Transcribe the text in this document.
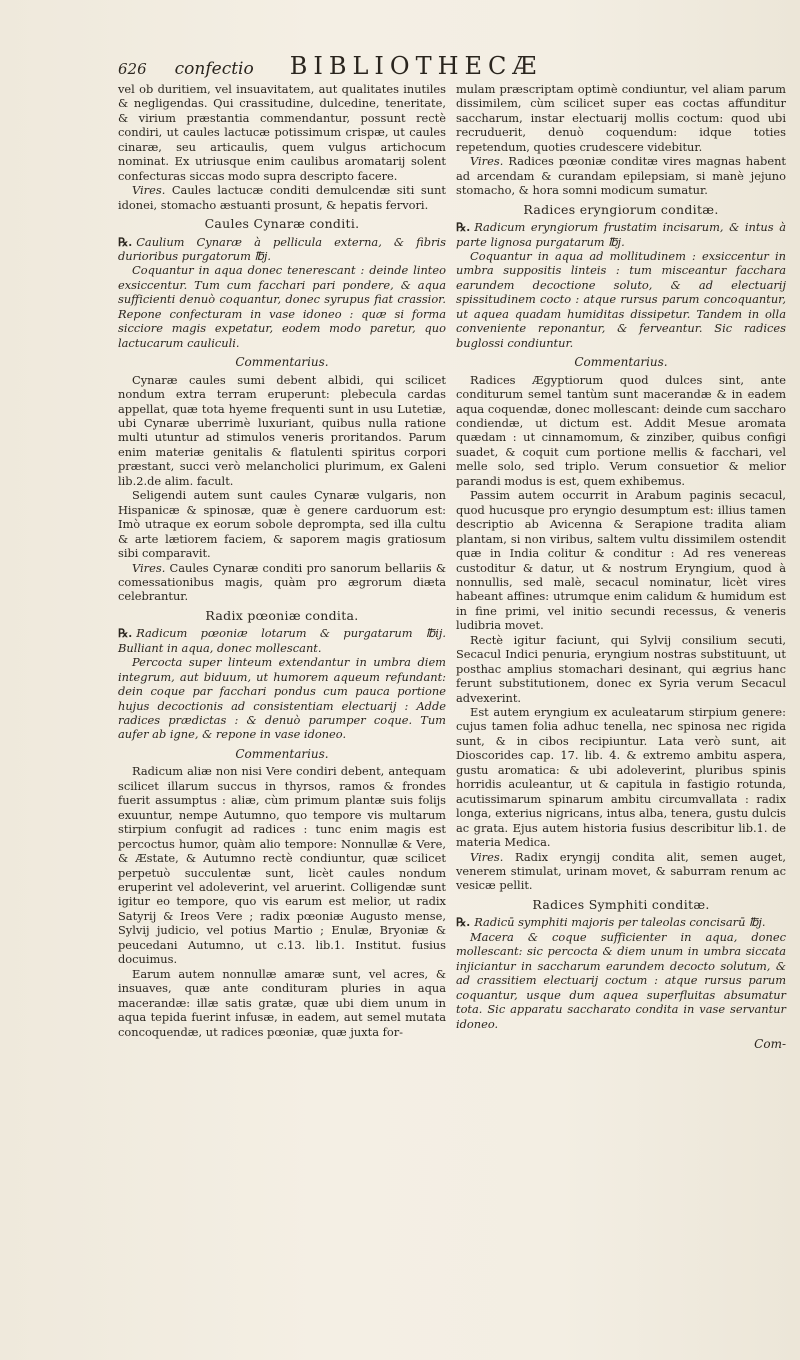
626 confectio BIBLIOTHECÆ

vel ob duritiem, vel insuavitatem, aut qualitates inutiles & negligendas. Qui crassitudine, dulcedine, teneritate, & virium præstantia commendantur, possunt rectè condiri, ut caules lactucæ potissimum crispæ, ut caules cinaræ, seu articaulis, quem vulgus artichocum nominat. Ex utriusque enim caulibus aromatarij solent confecturas siccas modo supra descripto facere.

Vires. Caules lactucæ conditi demulcendæ siti sunt idonei, stomacho æstuanti prosunt, & hepatis fervori.

Caules Cynaræ conditi.

℞. Caulium Cynaræ à pellicula externa, & fibris durioribus purgatorum ℔j.

Coquantur in aqua donec tenerescant : deinde linteo exsiccentur. Tum cum facchari pari pondere, & aqua sufficienti denuò coquantur, donec syrupus fiat crassior. Repone confecturam in vase idoneo : quæ si forma sicciore magis expetatur, eodem modo paretur, quo lactucarum cauliculi.

Commentarius.

Cynaræ caules sumi debent albidi, qui scilicet nondum extra terram eruperunt: plebecula cardas appellat, quæ tota hyeme frequenti sunt in usu Lutetiæ, ubi Cynaræ uberrimè luxuriant, quibus nulla ratione multi utuntur ad stimulos veneris proritandos. Parum enim materiæ genitalis & flatulenti spiritus corpori præstant, succi verò melancholici plurimum, ex Galeni lib.2.de alim. facult.

Seligendi autem sunt caules Cynaræ vulgaris, non Hispanicæ & spinosæ, quæ è genere carduorum est: Imò utraque ex eorum sobole deprompta, sed illa cultu & arte lætiorem faciem, & saporem magis gratiosum sibi comparavit.

Vires. Caules Cynaræ conditi pro sanorum bellariis & comessationibus magis, quàm pro ægrorum diæta celebrantur.

Radix pœoniæ condita.

℞. Radicum pœoniæ lotarum & purgatarum ℔ij. Bulliant in aqua, donec mollescant.

Percocta super linteum extendantur in umbra diem integrum, aut biduum, ut humorem aqueum refundant: dein coque par facchari pondus cum pauca portione hujus decoctionis ad consistentiam electuarij : Adde radices prædictas : & denuò parumper coque. Tum aufer ab igne, & repone in vase idoneo.

Commentarius.

Radicum aliæ non nisi Vere condiri debent, antequam scilicet illarum succus in thyrsos, ramos & frondes fuerit assumptus : aliæ, cùm primum plantæ suis folijs exuuntur, nempe Autumno, quo tempore vis multarum stirpium confugit ad radices : tunc enim magis est percoctus humor, quàm alio tempore: Nonnullæ & Vere, & Æstate, & Autumno rectè condiuntur, quæ scilicet perpetuò succulentæ sunt, licèt caules nondum eruperint vel adoleverint, vel aruerint. Colligendæ sunt igitur eo tempore, quo vis earum est melior, ut radix Satyrij & Ireos Vere ; radix pœoniæ Augusto mense, Sylvij judicio, vel potius Martio ; Enulæ, Bryoniæ & peucedani Autumno, ut c.13. lib.1. Institut. fusius docuimus.

Earum autem nonnullæ amaræ sunt, vel acres, & insuaves, quæ ante condituram pluries in aqua macerandæ: illæ satis gratæ, quæ ubi diem unum in aqua tepida fuerint infusæ, in eadem, aut semel mutata concoquendæ, ut radices pœoniæ, quæ juxta for-

mulam præscriptam optimè condiuntur, vel aliam parum dissimilem, cùm scilicet super eas coctas affunditur saccharum, instar electuarij mollis coctum: quod ubi recruduerit, denuò coquendum: idque toties repetendum, quoties crudescere videbitur.

Vires. Radices pœoniæ conditæ vires magnas habent ad arcendam & curandam epilepsiam, si manè jejuno stomacho, & hora somni modicum sumatur.

Radices eryngiorum conditæ.

℞. Radicum eryngiorum frustatim incisarum, & intus à parte lignosa purgatarum ℔j.

Coquantur in aqua ad mollitudinem : exsiccentur in umbra suppositis linteis : tum misceantur facchara earundem decoctione soluto, & ad electuarij spissitudinem cocto : atque rursus parum concoquantur, ut aquea quadam humiditas dissipetur. Tandem in olla conveniente reponantur, & ferveantur. Sic radices buglossi condiuntur.

Commentarius.

Radices Ægyptiorum quod dulces sint, ante conditurum semel tantùm sunt macerandæ & in eadem aqua coquendæ, donec mollescant: deinde cum saccharo condiendæ, ut dictum est. Addit Mesue aromata quædam : ut cinnamomum, & zinziber, quibus configi suadet, & coquit cum portione mellis & facchari, vel melle solo, sed triplo. Verum consuetior & melior parandi modus is est, quem exhibemus.

Passim autem occurrit in Arabum paginis secacul, quod hucusque pro eryngio desumptum est: illius tamen descriptio ab Avicenna & Serapione tradita aliam plantam, si non viribus, saltem vultu dissimilem ostendit quæ in India colitur & conditur : Ad res venereas custoditur & datur, ut & nostrum Eryngium, quod à nonnullis, sed malè, secacul nominatur, licèt vires habeant affines: utrumque enim calidum & humidum est in fine primi, vel initio secundi recessus, & veneris ludibria movet.

Rectè igitur faciunt, qui Sylvij consilium secuti, Secacul Indici penuria, eryngium nostras substituunt, ut posthac amplius stomachari desinant, qui ægrius hanc ferunt substitutionem, donec ex Syria verum Secacul advexerint.

Est autem eryngium ex aculeatarum stirpium genere: cujus tamen folia adhuc tenella, nec spinosa nec rigida sunt, & in cibos recipiuntur. Lata verò sunt, ait Dioscorides cap. 17. lib. 4. & extremo ambitu aspera, gustu aromatica: & ubi adoleverint, pluribus spinis horridis aculeantur, ut & capitula in fastigio rotunda, acutissimarum spinarum ambitu circumvallata : radix longa, exterius nigricans, intus alba, tenera, gustu dulcis ac grata. Ejus autem historia fusius describitur lib.1. de materia Medica.

Vires. Radix eryngij condita alit, semen auget, venerem stimulat, urinam movet, & saburram renum ac vesicæ pellit.

Radices Symphiti conditæ.

℞. Radicū symphiti majoris per taleolas concisarū ℔j.

Macera & coque sufficienter in aqua, donec mollescant: sic percocta & diem unum in umbra siccata injiciantur in saccharum earundem decocto solutum, & ad crassitiem electuarij coctum : atque rursus parum coquantur, usque dum aquea superfluitas absumatur tota. Sic apparatu saccharato condita in vase servantur idoneo.

Com-
